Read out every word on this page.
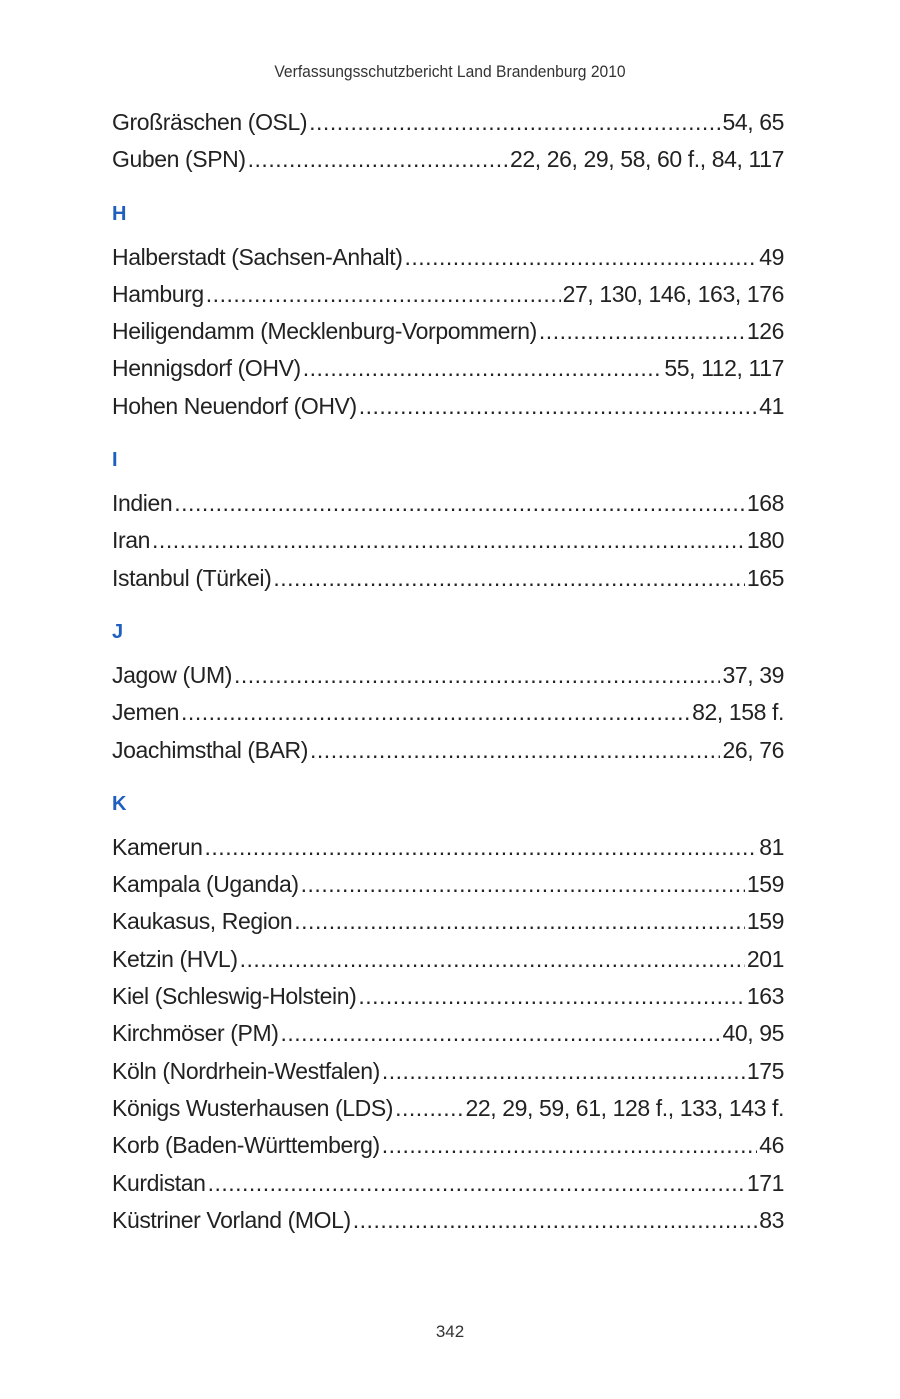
Verfassungsschutzbericht Land Brandenburg 2010
Großräschen (OSL) .....	54, 65
Guben (SPN) .....	22, 26, 29, 58, 60 f., 84, 117
H
Halberstadt (Sachsen-Anhalt) .....	49
Hamburg .....	27, 130, 146, 163, 176
Heiligendamm (Mecklenburg-Vorpommern) .....	126
Hennigsdorf (OHV) .....	55, 112, 117
Hohen Neuendorf (OHV) .....	41
I
Indien .....	168
Iran .....	180
Istanbul (Türkei) .....	165
J
Jagow (UM) .....	37, 39
Jemen .....	82, 158 f.
Joachimsthal (BAR) .....	26, 76
K
Kamerun .....	81
Kampala (Uganda) .....	159
Kaukasus, Region .....	159
Ketzin (HVL) .....	201
Kiel (Schleswig-Holstein) .....	163
Kirchmöser (PM) .....	40, 95
Köln (Nordrhein-Westfalen) .....	175
Königs Wusterhausen (LDS) .....	22, 29, 59, 61, 128 f., 133, 143 f.
Korb (Baden-Württemberg) .....	46
Kurdistan .....	171
Küstriner Vorland (MOL) .....	83
342
